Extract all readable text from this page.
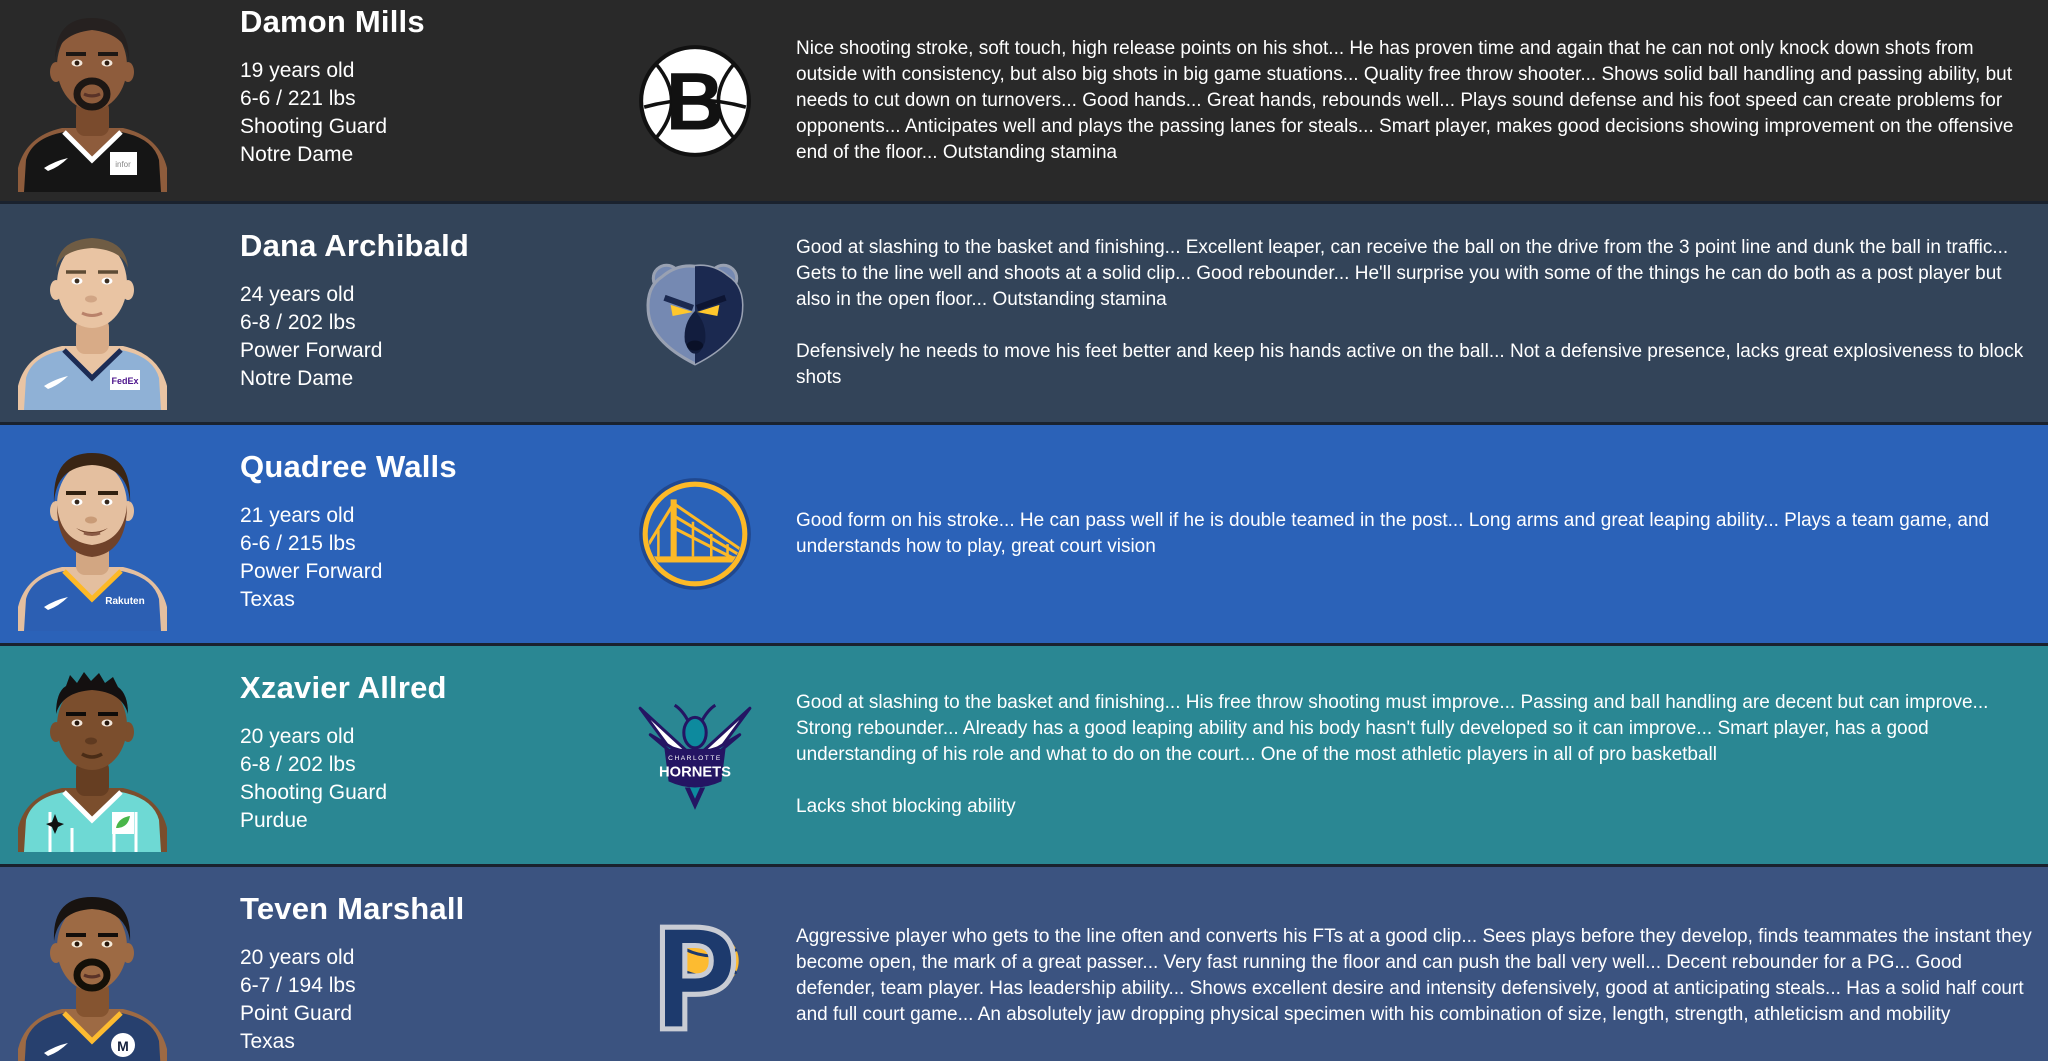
infor
Damon Mills
19 years old
6-6 / 221 lbs
Shooting Guard
Notre Dame
B

Nice shooting stroke, soft touch, high release points on his shot... He has proven time and again that he can not only knock down shots from outside with consistency, but also big shots in big game stuations... Quality free throw shooter... Shows solid ball handling and passing ability, but needs to cut down on turnovers... Good hands... Great hands, rebounds well... Plays sound defense and his foot speed can create problems for opponents... Anticipates well and plays the passing lanes for steals... Smart player, makes good decisions showing improvement on the offensive end of the floor... Outstanding stamina

FedEx
Dana Archibald
24 years old
6-8 / 202 lbs
Power Forward
Notre Dame

Good at slashing to the basket and finishing... Excellent leaper, can receive the ball on the drive from the 3 point line and dunk the ball in traffic... Gets to the line well and shoots at a solid clip... Good rebounder... He'll surprise you with some of the things he can do both as a post player but also in the open floor... Outstanding stamina

Defensively he needs to move his feet better and keep his hands active on the ball... Not a defensive presence, lacks great explosiveness to block shots

Rakuten
Quadree Walls
21 years old
6-6 / 215 lbs
Power Forward
Texas

Good form on his stroke... He can pass well if he is double teamed in the post... Long arms and great leaping ability... Plays a team game, and understands how to play, great court vision

Xzavier Allred
20 years old
6-8 / 202 lbs
Shooting Guard
Purdue
CHARLOTTE
HORNETS

Good at slashing to the basket and finishing... His free throw shooting must improve... Passing and ball handling are decent but can improve... Strong rebounder... Already has a good leaping ability and his body hasn't fully developed so it can improve... Smart player, has a good understanding of his role and what to do on the court... One of the most athletic players in all of pro basketball

Lacks shot blocking ability

M
Teven Marshall
20 years old
6-7 / 194 lbs
Point Guard
Texas

Aggressive player who gets to the line often and converts his FTs at a good clip... Sees plays before they develop, finds teammates the instant they become open, the mark of a great passer... Very fast running the floor and can push the ball very well... Decent rebounder for a PG... Good defender, team player. Has leadership ability... Shows excellent desire and intensity defensively, good at anticipating steals... Has a solid half court and full court game... An absolutely jaw dropping physical specimen with his combination of size, length, strength, athleticism and mobility
